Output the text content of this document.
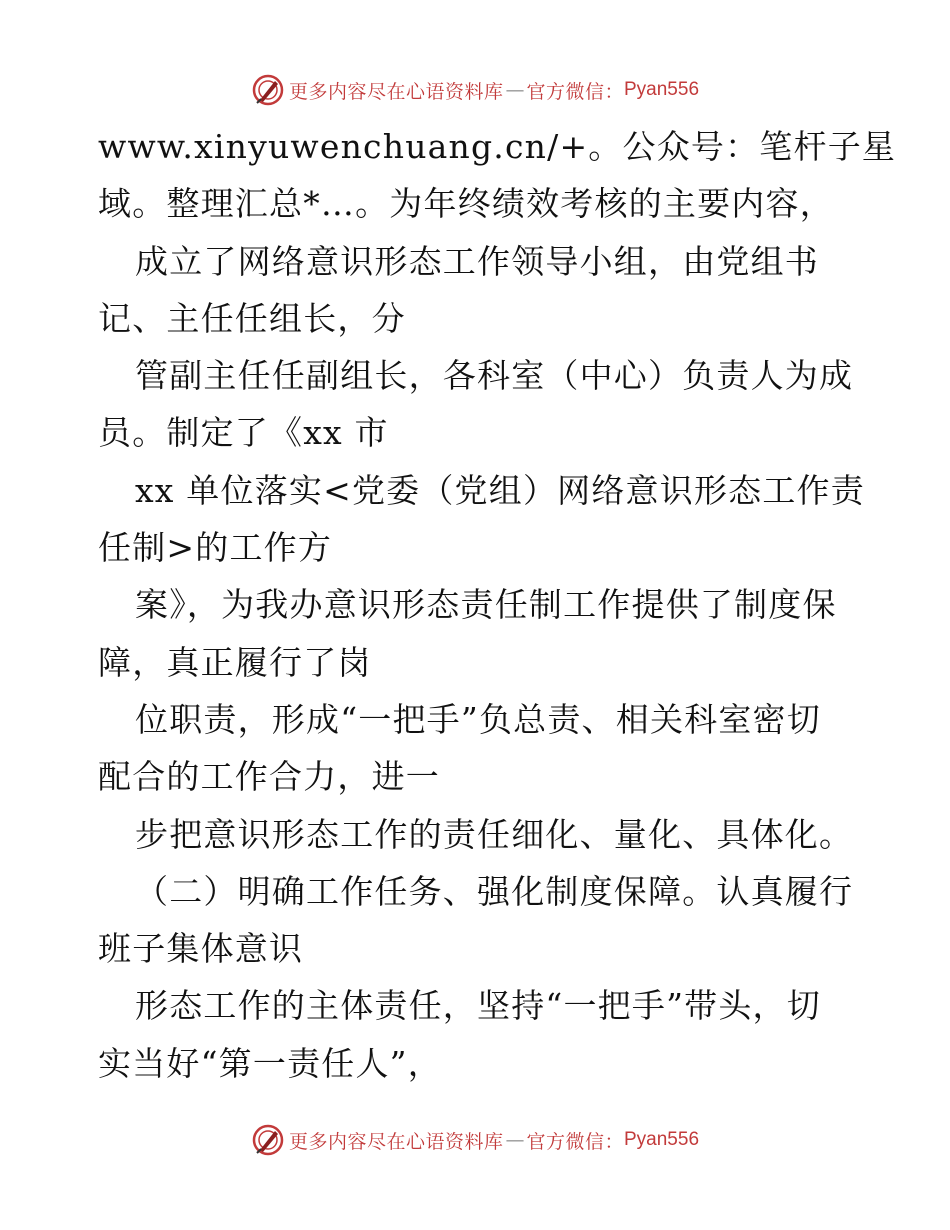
更多内容尽在心语资料库 — 官方微信： Pyan556
www.xinyuwenchuang.cn/+。公众号：笔杆子星
域。整理汇总*…。为年终绩效考核的主要内容，
成立了网络意识形态工作领导小组，由党组书
记、主任任组长，分
管副主任任副组长，各科室（中心）负责人为成
员。制定了《xx 市
xx 单位落实<党委（党组）网络意识形态工作责
任制>的工作方
案》，为我办意识形态责任制工作提供了制度保
障，真正履行了岗
位职责，形成“一把手”负总责、相关科室密切
配合的工作合力，进一
步把意识形态工作的责任细化、量化、具体化。
（二）明确工作任务、强化制度保障。认真履行
班子集体意识
形态工作的主体责任，坚持“一把手”带头，切
实当好“第一责任人”，
更多内容尽在心语资料库 — 官方微信： Pyan556
